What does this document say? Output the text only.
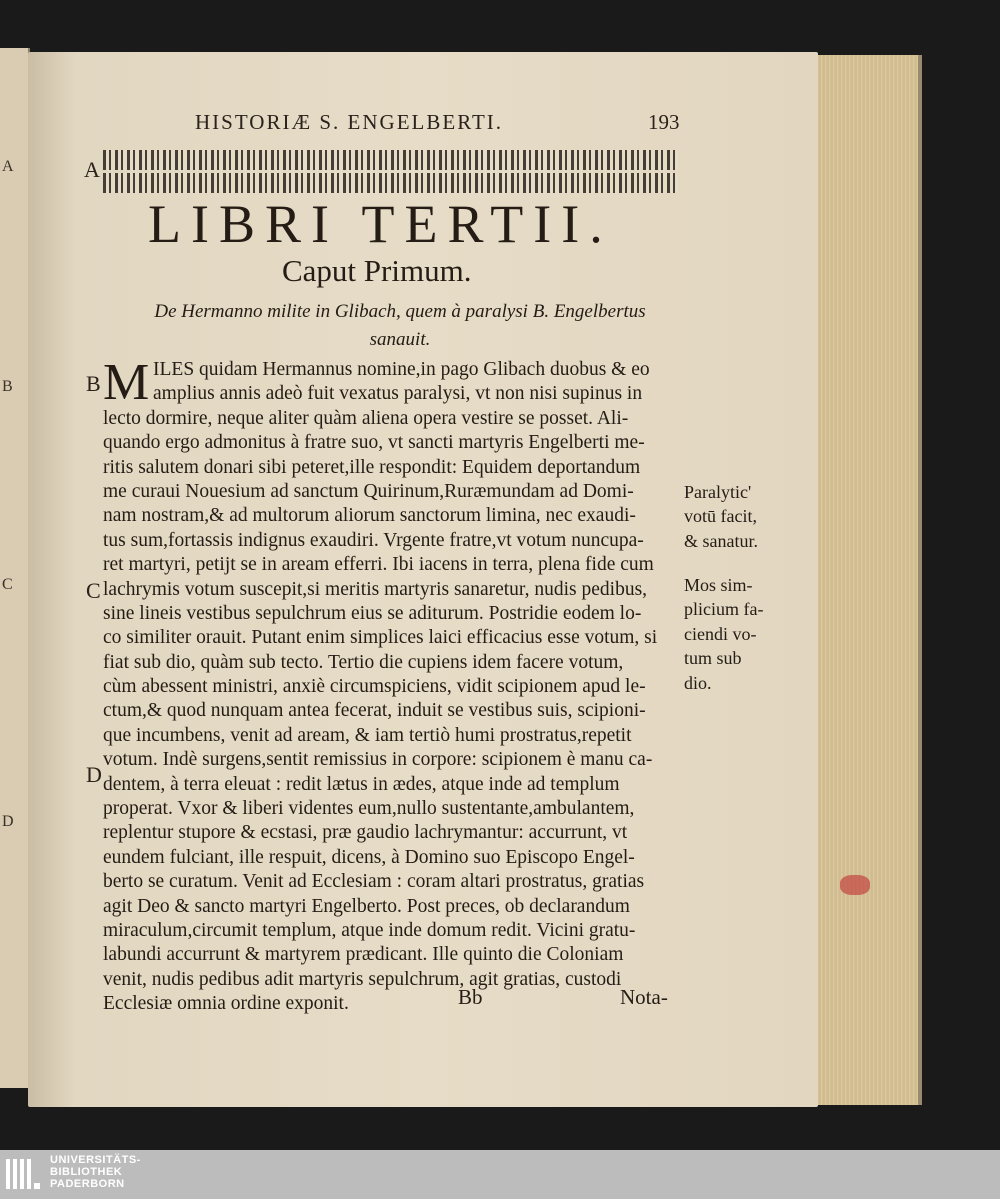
A
B
C
D
HISTORIÆ S. ENGELBERTI.	193
A
B
C
D
LIBRI TERTII.
Caput Primum.
De Hermanno milite in Glibach, quem à paralysi B. Engelbertus
sanauit.
M ILES quidam Hermannus nomine,in pago Glibach duobus & eo
amplius annis adeò fuit vexatus paralysi, vt non nisi supinus in
lecto dormire, neque aliter quàm aliena opera vestire se posset. Ali-
quando ergo admonitus à fratre suo, vt sancti martyris Engelberti me-
ritis salutem donari sibi peteret,ille respondit: Equidem deportandum
me curaui Nouesium ad sanctum Quirinum,Ruræmundam ad Domi-
nam nostram,& ad multorum aliorum sanctorum limina, nec exaudi-
tus sum,fortassis indignus exaudiri. Vrgente fratre,vt votum nuncupa-
ret martyri, petijt se in aream efferri. Ibi iacens in terra, plena fide cum
lachrymis votum suscepit,si meritis martyris sanaretur, nudis pedibus,
sine lineis vestibus sepulchrum eius se aditurum. Postridie eodem lo-
co similiter orauit. Putant enim simplices laici efficacius esse votum, si
fiat sub dio, quàm sub tecto. Tertio die cupiens idem facere votum,
cùm abessent ministri, anxiè circumspiciens, vidit scipionem apud le-
ctum,& quod nunquam antea fecerat, induit se vestibus suis, scipioni-
que incumbens, venit ad aream, & iam tertiò humi prostratus,repetit
votum. Indè surgens,sentit remissius in corpore: scipionem è manu ca-
dentem, à terra eleuat : redit lætus in ædes, atque inde ad templum
properat. Vxor & liberi videntes eum,nullo sustentante,ambulantem,
replentur stupore & ecstasi, præ gaudio lachrymantur: accurrunt, vt
eundem fulciant, ille respuit, dicens, à Domino suo Episcopo Engel-
berto se curatum. Venit ad Ecclesiam : coram altari prostratus, gratias
agit Deo & sancto martyri Engelberto. Post preces, ob declarandum
miraculum,circumit templum, atque inde domum redit. Vicini gratu-
labundi accurrunt & martyrem prædicant. Ille quinto die Coloniam
venit, nudis pedibus adit martyris sepulchrum, agit gratias, custodi
Ecclesiæ omnia ordine exponit.
Paralytic'
votū facit,
& sanatur.
Mos sim-
plicium fa-
ciendi vo-
tum sub
dio.
Bb	Nota-
UNIVERSITÄTS-
BIBLIOTHEK
PADERBORN
